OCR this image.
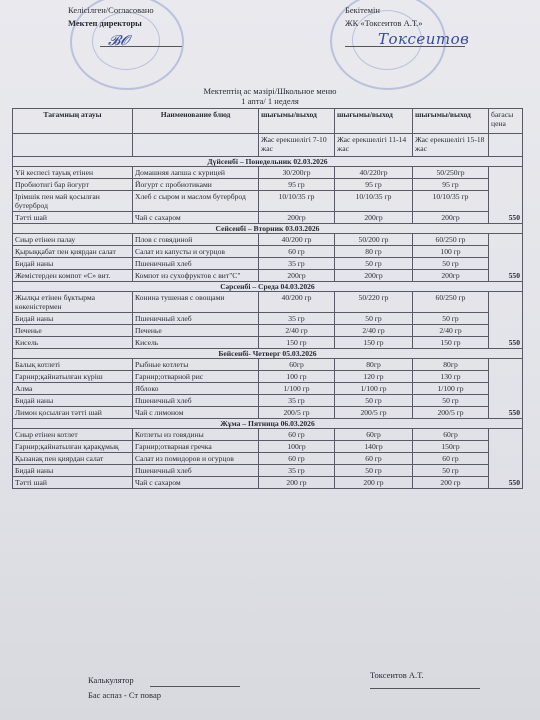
Келісілген/Согласовано
Мектеп директоры
𝓑𝓞
Бекітемін
ЖК «Токсеитов А.Т.»
Токсеитов
Мектептің ас мәзірі/Школьное меню
1 апта/ 1 неделя
Тағамның атауы	Наименование блюд	шығымы/выход	шығымы/выход	шығымы/выход	бағасы цена
		Жас ерекшелігі 7-10 жас	Жас ерекшелігі 11-14 жас	Жас ерекшелігі 15-18 жас	
Дүйсенбі – Понедельник 02.03.2026					
Үй кеспесі тауық етінен	Домашняя лапша с курицей	30/200гр	40/220гр	50/250гр	550
Пробиотигі бар йогурт	Йогурт с пробиотиками	95 гр	95 гр	95 гр	
Ірімшік пен май қосылған бутерброд	Хлеб с сыром и маслом бутерброд	10/10/35 гр	10/10/35 гр	10/10/35 гр	
Тәтті шай	Чай с сахаром	200гр	200гр	200гр	
Сейсенбі – Вторник 03.03.2026					
Сиыр етінен палау	Плов с говядиной	40/200 гр	50/200 гр	60/250 гр	550
Қырыққабат пен қиярдан салат	Салат из капусты и огурцов	60 гр	80 гр	100 гр	
Бидай наны	Пшеничный хлеб	35 гр	50 гр	50 гр	
Жемістерден компот «С» вит.	Компот из сухофруктов с вит"С"	200гр	200гр	200гр	
Сәрсенбі – Среда 04.03.2026					
Жылқы етінен бұктырма көкеністермен	Конина тушеная с овощами	40/200 гр	50/220 гр	60/250 гр	550
Бидай наны	Пшеничный хлеб	35 гр	50 гр	50 гр	
Печенье	Печенье	2/40 гр	2/40 гр	2/40 гр	
Кисель	Кисель	150 гр	150 гр	150 гр	
Бейсенбі- Четверг 05.03.2026					
Балық котлеті	Рыбные котлеты	60гр	80гр	80гр	550
Гарнир;қайнатылған күріш	Гарнир;отварной рис	100 гр	120 гр	130 гр	
Алма	Яблоко	1/100 гр	1/100 гр	1/100 гр	
Бидай наны	Пшеничный хлеб	35 гр	50 гр	50 гр	
Лимон қосылған тәтті шай	Чай с лимоном	200/5 гр	200/5 гр	200/5 гр	
Жұма – Пятница 06.03.2026					
Сиыр етінен котлет	Котлеты из говядины	60 гр	60гр	60гр	550
Гарнир;қайнатылған қарақұмық	Гарнир;отварная гречка	100гр	140гр	150гр	
Қызанақ пен қиярдан салат	Салат из помидоров и огурцов	60 гр	60 гр	60 гр	
Бидай наны	Пшеничный хлеб	35 гр	50 гр	50 гр	
Тәтті шай	Чай с сахаром	200 гр	200 гр	200 гр	
Калькулятор
Бас аспаз - Ст повар
Токсеитов А.Т.
